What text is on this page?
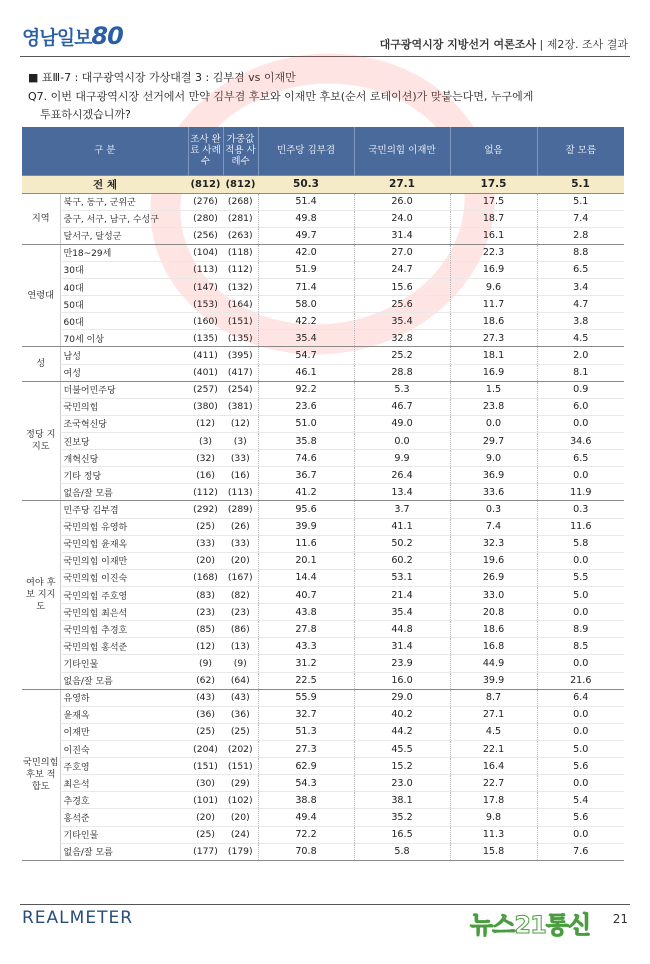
영남일보80	대구광역시장 지방선거 여론조사 | 제2장. 조사 결과
■ 표Ⅲ-7 : 대구광역시장 가상대결 3 : 김부겸 vs 이재만
Q7. 이번 대구광역시장 선거에서 만약 김부겸 후보와 이재만 후보(순서 로테이션)가 맞붙는다면, 누구에게
투표하시겠습니까?
구 분		조사 완료 사례수	가중값 적용 사례수	민주당 김부겸	국민의힘 이재만	없음	잘 모름
전 체		(812)	(812)	50.3	27.1	17.5	5.1
지역	북구, 동구, 군위군	(276)	(268)	51.4	26.0	17.5	5.1
	중구, 서구, 남구, 수성구	(280)	(281)	49.8	24.0	18.7	7.4
	달서구, 달성군	(256)	(263)	49.7	31.4	16.1	2.8
연령대	만18~29세	(104)	(118)	42.0	27.0	22.3	8.8
	30대	(113)	(112)	51.9	24.7	16.9	6.5
	40대	(147)	(132)	71.4	15.6	9.6	3.4
	50대	(153)	(164)	58.0	25.6	11.7	4.7
	60대	(160)	(151)	42.2	35.4	18.6	3.8
	70세 이상	(135)	(135)	35.4	32.8	27.3	4.5
성	남성	(411)	(395)	54.7	25.2	18.1	2.0
	여성	(401)	(417)	46.1	28.8	16.9	8.1
정당 지지도	더불어민주당	(257)	(254)	92.2	5.3	1.5	0.9
	국민의힘	(380)	(381)	23.6	46.7	23.8	6.0
	조국혁신당	(12)	(12)	51.0	49.0	0.0	0.0
	진보당	(3)	(3)	35.8	0.0	29.7	34.6
	개혁신당	(32)	(33)	74.6	9.9	9.0	6.5
	기타 정당	(16)	(16)	36.7	26.4	36.9	0.0
	없음/잘 모름	(112)	(113)	41.2	13.4	33.6	11.9
여야 후보 지지도	민주당 김부겸	(292)	(289)	95.6	3.7	0.3	0.3
	국민의힘 유영하	(25)	(26)	39.9	41.1	7.4	11.6
	국민의힘 윤재옥	(33)	(33)	11.6	50.2	32.3	5.8
	국민의힘 이재만	(20)	(20)	20.1	60.2	19.6	0.0
	국민의힘 이진숙	(168)	(167)	14.4	53.1	26.9	5.5
	국민의힘 주호영	(83)	(82)	40.7	21.4	33.0	5.0
	국민의힘 최은석	(23)	(23)	43.8	35.4	20.8	0.0
	국민의힘 추경호	(85)	(86)	27.8	44.8	18.6	8.9
	국민의힘 홍석준	(12)	(13)	43.3	31.4	16.8	8.5
	기타인물	(9)	(9)	31.2	23.9	44.9	0.0
	없음/잘 모름	(62)	(64)	22.5	16.0	39.9	21.6
국민의힘 후보 적합도	유영하	(43)	(43)	55.9	29.0	8.7	6.4
	윤재옥	(36)	(36)	32.7	40.2	27.1	0.0
	이재만	(25)	(25)	51.3	44.2	4.5	0.0
	이진숙	(204)	(202)	27.3	45.5	22.1	5.0
	주호영	(151)	(151)	62.9	15.2	16.4	5.6
	최은석	(30)	(29)	54.3	23.0	22.7	0.0
	추경호	(101)	(102)	38.8	38.1	17.8	5.4
	홍석준	(20)	(20)	49.4	35.2	9.8	5.6
	기타인물	(25)	(24)	72.2	16.5	11.3	0.0
	없음/잘 모름	(177)	(179)	70.8	5.8	15.8	7.6
REALMETER	뉴스21통신 21
